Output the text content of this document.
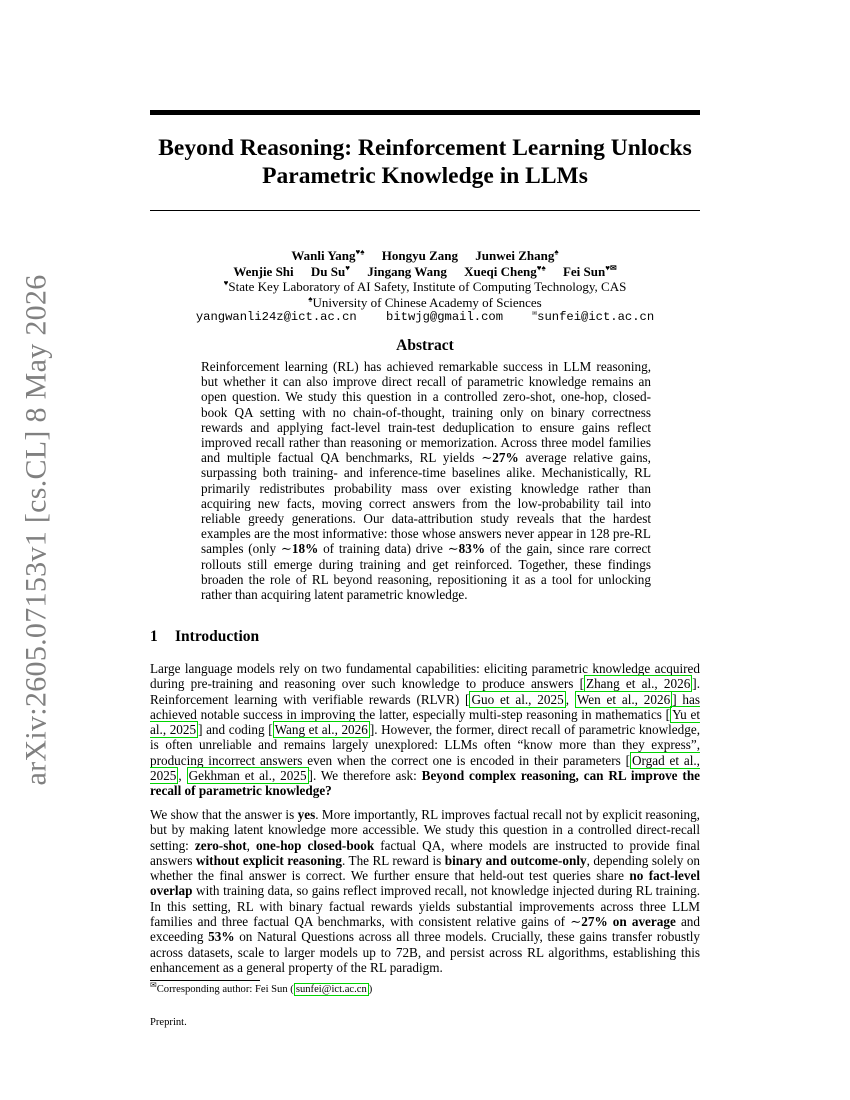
arXiv:2605.07153v1 [cs.CL] 8 May 2026
Beyond Reasoning: Reinforcement Learning Unlocks Parametric Knowledge in LLMs
Wanli Yang♥♠ Hongyu Zang Junwei Zhang♠
Wenjie Shi Du Su♥ Jingang Wang Xueqi Cheng♥♠ Fei Sun♥✉
♥State Key Laboratory of AI Safety, Institute of Computing Technology, CAS
♠University of Chinese Academy of Sciences
yangwanli24z@ict.ac.cn bitwjg@gmail.com	✉sunfei@ict.ac.cn
Abstract

Reinforcement learning (RL) has achieved remarkable success in LLM reasoning, but whether it can also improve direct recall of parametric knowledge remains an open question. We study this question in a controlled zero-shot, one-hop, closed-book QA setting with no chain-of-thought, training only on binary correctness rewards and applying fact-level train-test deduplication to ensure gains reflect improved recall rather than reasoning or memorization. Across three model families and multiple factual QA benchmarks, RL yields ∼27% average relative gains, surpassing both training- and inference-time baselines alike. Mechanistically, RL primarily redistributes probability mass over existing knowledge rather than acquiring new facts, moving correct answers from the low-probability tail into reliable greedy generations. Our data-attribution study reveals that the hardest examples are the most informative: those whose answers never appear in 128 pre-RL samples (only ∼18% of training data) drive ∼83% of the gain, since rare correct rollouts still emerge during training and get reinforced. Together, these findings broaden the role of RL beyond reasoning, repositioning it as a tool for unlocking rather than acquiring latent parametric knowledge.

1 Introduction

Large language models rely on two fundamental capabilities: eliciting parametric knowledge acquired during pre-training and reasoning over such knowledge to produce answers [ Zhang et al., 2026 ]. Reinforcement learning with verifiable rewards (RLVR) [ Guo et al., 2025 , Wen et al., 2026 ] has achieved notable success in improving the latter, especially multi-step reasoning in mathematics [ Yu et al., 2025 ] and coding [ Wang et al., 2026 ]. However, the former, direct recall of parametric knowledge, is often unreliable and remains largely unexplored: LLMs often “know more than they express”, producing incorrect answers even when the correct one is encoded in their parameters [ Orgad et al., 2025 , Gekhman et al., 2025 ]. We therefore ask: Beyond complex reasoning, can RL improve the recall of parametric knowledge?

We show that the answer is yes. More importantly, RL improves factual recall not by explicit reasoning, but by making latent knowledge more accessible. We study this question in a controlled direct-recall setting: zero-shot, one-hop closed-book factual QA, where models are instructed to provide final answers without explicit reasoning. The RL reward is binary and outcome-only, depending solely on whether the final answer is correct. We further ensure that held-out test queries share no fact-level overlap with training data, so gains reflect improved recall, not knowledge injected during RL training. In this setting, RL with binary factual rewards yields substantial improvements across three LLM families and three factual QA benchmarks, with consistent relative gains of ∼27% on average and exceeding 53% on Natural Questions across all three models. Crucially, these gains transfer robustly across datasets, scale to larger models up to 72B, and persist across RL algorithms, establishing this enhancement as a general property of the RL paradigm.

✉Corresponding author: Fei Sun ( sunfei@ict.ac.cn )
Preprint.
